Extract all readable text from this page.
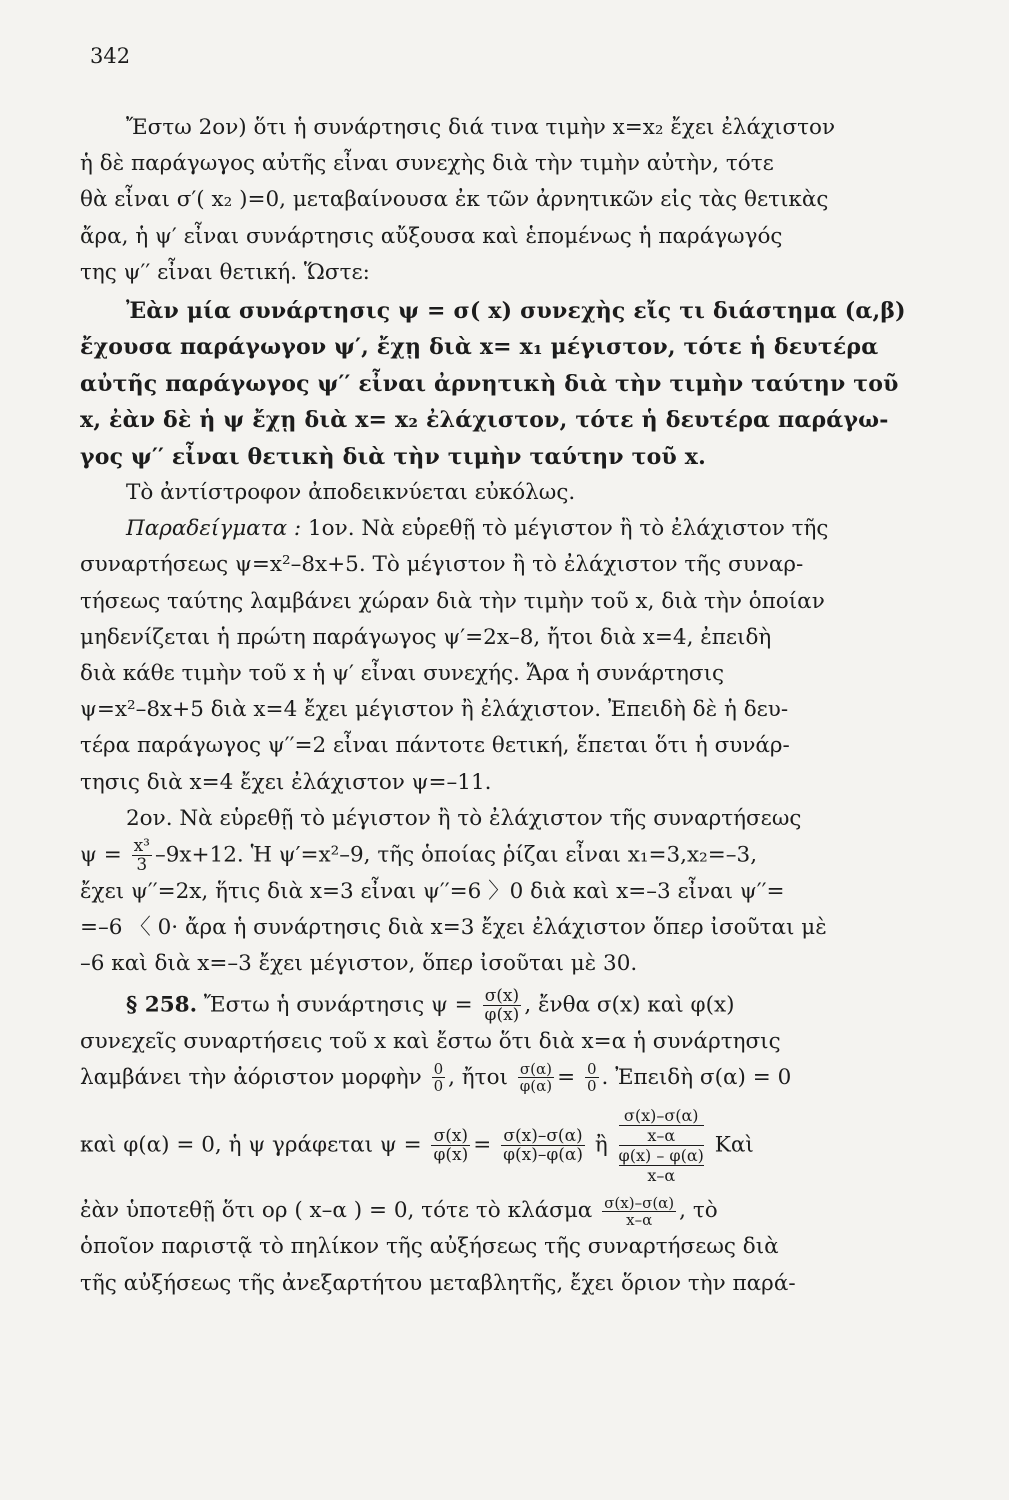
342
Ἔστω 2ον) ὅτι ἡ συνάρτησις διά τινα τιμὴν x=x₂ ἔχει ἐλάχιστον
ἡ δὲ παράγωγος αὐτῆς εἶναι συνεχὴς διὰ τὴν τιμὴν αὐτὴν, τότε
θὰ εἶναι σ′( x₂ )=0, μεταβαίνουσα ἐκ τῶν ἀρνητικῶν εἰς τὰς θετικὰς
ἄρα, ἡ ψ′ εἶναι συνάρτησις αὔξουσα καὶ ἑπομένως ἡ παράγωγός
της ψ′′ εἶναι θετική. Ὥστε:
Ἐὰν μία συνάρτησις ψ = σ( x) συνεχὴς εἴς τι διάστημα (α,β)
ἔχουσα παράγωγον ψ′, ἔχῃ διὰ x= x₁ μέγιστον, τότε ἡ δευτέρα
αὐτῆς παράγωγος ψ′′ εἶναι ἀρνητικὴ διὰ τὴν τιμὴν ταύτην τοῦ
x, ἐὰν δὲ ἡ ψ ἔχῃ διὰ x= x₂ ἐλάχιστον, τότε ἡ δευτέρα παράγω-
γος ψ′′ εἶναι θετικὴ διὰ τὴν τιμὴν ταύτην τοῦ x.
Τὸ ἀντίστροφον ἀποδεικνύεται εὐκόλως.
Παραδείγματα : 1ον. Νὰ εὑρεθῇ τὸ μέγιστον ἢ τὸ ἐλάχιστον τῆς
συναρτήσεως ψ=x²–8x+5. Τὸ μέγιστον ἢ τὸ ἐλάχιστον τῆς συναρ-
τήσεως ταύτης λαμβάνει χώραν διὰ τὴν τιμὴν τοῦ x, διὰ τὴν ὁποίαν
μηδενίζεται ἡ πρώτη παράγωγος ψ′=2x–8, ἤτοι διὰ x=4, ἐπειδὴ
διὰ κάθε τιμὴν τοῦ x ἡ ψ′ εἶναι συνεχής. Ἄρα ἡ συνάρτησις
ψ=x²–8x+5 διὰ x=4 ἔχει μέγιστον ἢ ἐλάχιστον. Ἐπειδὴ δὲ ἡ δευ-
τέρα παράγωγος ψ′′=2 εἶναι πάντοτε θετική, ἕπεται ὅτι ἡ συνάρ-
τησις διὰ x=4 ἔχει ἐλάχιστον ψ=–11.
2ον. Νὰ εὑρεθῇ τὸ μέγιστον ἢ τὸ ἐλάχιστον τῆς συναρτήσεως
$\psi = \frac{\text{x³}}{3} -9x+12$. Ἡ ψ′=x²–9, τῆς ὁποίας ῥίζαι εἶναι x₁=3,x₂=–3,
ἔχει ψ′′=2x, ἥτις διὰ x=3 εἶναι ψ′′=6 〉0 διὰ καὶ x=–3 εἶναι ψ′′=
=–6 〈 0· ἄρα ἡ συνάρτησις διὰ x=3 ἔχει ἐλάχιστον ὅπερ ἰσοῦται μὲ
–6 καὶ διὰ x=–3 ἔχει μέγιστον, ὅπερ ἰσοῦται μὲ 30.
§ 258. Ἔστω ἡ συνάρτησις $\psi = \frac{\sigma(x)}{\varphi(x)}$ , ἔνθα σ(x) καὶ φ(x)
συνεχεῖς συναρτήσεις τοῦ x καὶ ἔστω ὅτι διὰ x=α ἡ συνάρτησις
λαμβάνει τὴν ἀόριστον μορφὴν $\frac{0}{0}$ , ἤτοι $\frac{\sigma(\alpha)}{\varphi(\alpha)} = \frac{0}{0}$ . Ἐπειδὴ σ(α) = 0
καὶ φ(α) = 0, ἡ ψ γράφεται $\psi = \frac{\sigma(x)}{\varphi(x)} = \frac{\sigma(x)-\sigma(\alpha)}{\varphi(x)-\varphi(\alpha)}$ ἢ σ(x)–σ(α)
x–α
φ(x) – φ(α)
x–α Καὶ
ἐὰν ὑποτεθῇ ὅτι ορ ( x–α ) = 0, τότε τὸ κλάσμα $\frac{\sigma(x)-\sigma(\alpha)}{x-\alpha}$ , τὸ
ὁποῖον παριστᾷ τὸ πηλίκον τῆς αὐξήσεως τῆς συναρτήσεως διὰ
τῆς αὐξήσεως τῆς ἀνεξαρτήτου μεταβλητῆς, ἔχει ὅριον τὴν παρά-
